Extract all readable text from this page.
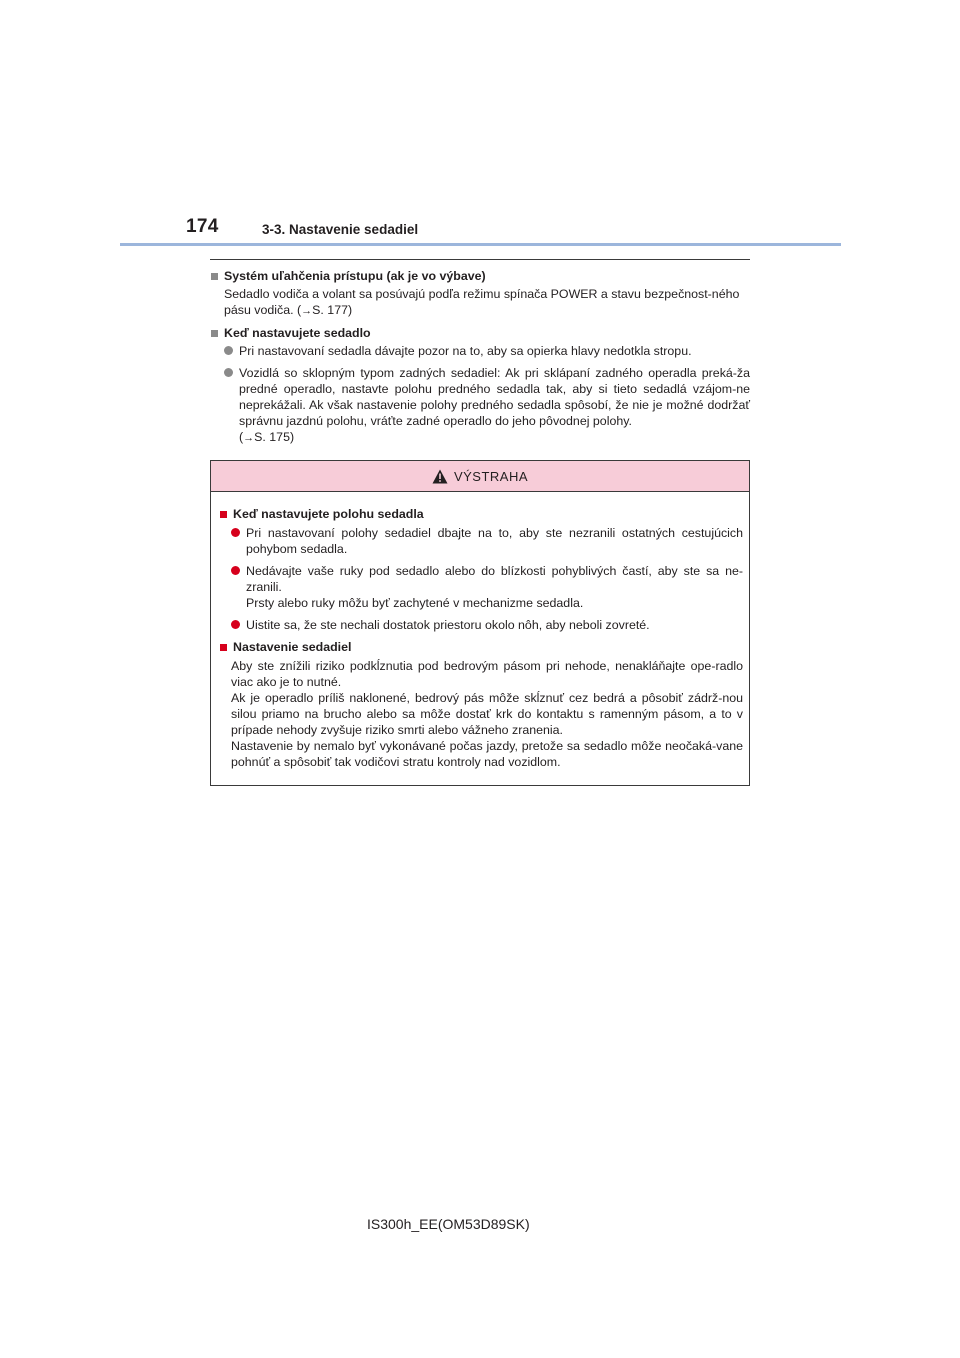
174	3-3. Nastavenie sedadiel
Systém uľahčenia prístupu (ak je vo výbave)
Sedadlo vodiča a volant sa posúvajú podľa režimu spínača POWER a stavu bezpečnost-ného pásu vodiča. (→S. 177)
Keď nastavujete sedadlo
Pri nastavovaní sedadla dávajte pozor na to, aby sa opierka hlavy nedotkla stropu.
Vozidlá so sklopným typom zadných sedadiel: Ak pri sklápaní zadného operadla preká-ža predné operadlo, nastavte polohu predného sedadla tak, aby si tieto sedadlá vzájom-ne neprekážali. Ak však nastavenie polohy predného sedadla spôsobí, že nie je možné dodržať správnu jazdnú polohu, vráťte zadné operadlo do jeho pôvodnej polohy.
(→S. 175)
VÝSTRAHA
Keď nastavujete polohu sedadla
Pri nastavovaní polohy sedadiel dbajte na to, aby ste nezranili ostatných cestujúcich pohybom sedadla.
Nedávajte vaše ruky pod sedadlo alebo do blízkosti pohyblivých častí, aby ste sa ne-zranili.
Prsty alebo ruky môžu byť zachytené v mechanizme sedadla.
Uistite sa, že ste nechali dostatok priestoru okolo nôh, aby neboli zovreté.
Nastavenie sedadiel
Aby ste znížili riziko podkĺznutia pod bedrovým pásom pri nehode, nenakláňajte ope-radlo viac ako je to nutné.
Ak je operadlo príliš naklonené, bedrový pás môže skĺznuť cez bedrá a pôsobiť zádrž-nou silou priamo na brucho alebo sa môže dostať krk do kontaktu s ramenným pásom, a to v prípade nehody zvyšuje riziko smrti alebo vážneho zranenia.
Nastavenie by nemalo byť vykonávané počas jazdy, pretože sa sedadlo môže neočaká-vane pohnúť a spôsobiť tak vodičovi stratu kontroly nad vozidlom.
IS300h_EE(OM53D89SK)
